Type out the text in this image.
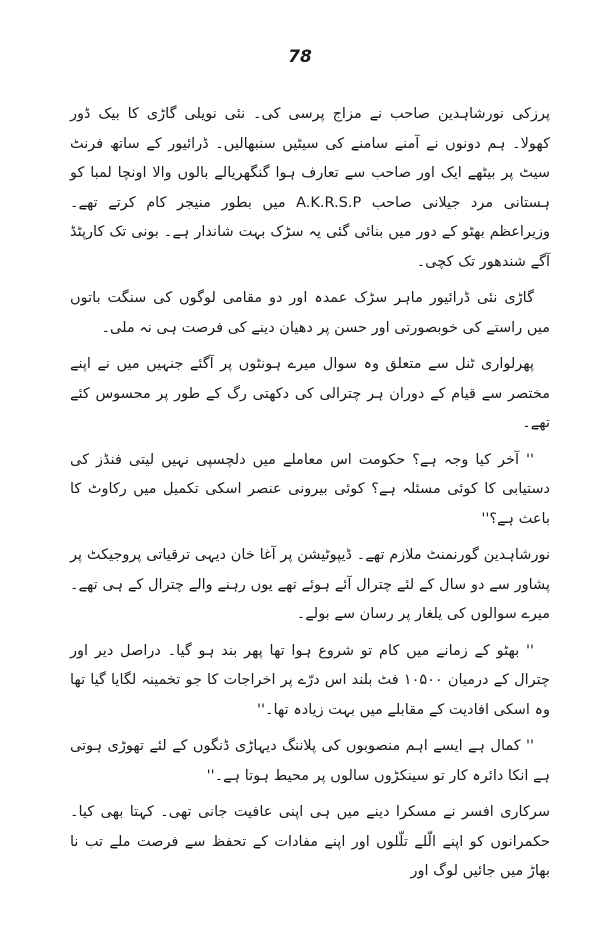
78

پرزکی نورشاہدین صاحب نے مزاج پرسی کی۔ نئی نویلی گاڑی کا بیک ڈور کھولا۔ ہم دونوں نے آمنے سامنے کی سیٹیں سنبھالیں۔ ڈرائیور کے ساتھ فرنٹ سیٹ پر بیٹھے ایک اور صاحب سے تعارف ہوا گنگھریالے بالوں والا اونچا لمبا کو ہستانی مرد جیلانی صاحب A.K.R.S.P میں بطور منیجر کام کرتے تھے۔ وزیراعظم بھٹو کے دور میں بنائی گئی یہ سڑک بہت شاندار ہے۔ بونی تک کارپٹڈ آگے شندھور تک کچی۔

گاڑی نئی ڈرائیور ماہر سڑک عمدہ اور دو مقامی لوگوں کی سنگت باتوں میں راستے کی خوبصورتی اور حسن پر دھیان دینے کی فرصت ہی نہ ملی۔

پھرلواری ٹنل سے متعلق وہ سوال میرے ہونٹوں پر آگئے جنہیں میں نے اپنے مختصر سے قیام کے دوران ہر چترالی کی دکھتی رگ کے طور پر محسوس کئے تھے۔

'' آخر کیا وجہ ہے؟ حکومت اس معاملے میں دلچسپی نہیں لیتی فنڈز کی دستیابی کا کوئی مسئلہ ہے؟ کوئی بیرونی عنصر اسکی تکمیل میں رکاوٹ کا باعث ہے؟''

نورشاہدین گورنمنٹ ملازم تھے۔ ڈیپوٹیشن پر آغا خان دیہی ترقیاتی پروجیکٹ پر پشاور سے دو سال کے لئے چترال آئے ہوئے تھے یوں رہنے والے چترال کے ہی تھے۔ میرے سوالوں کی یلغار پر رسان سے بولے۔

'' بھٹو کے زمانے میں کام تو شروع ہوا تھا پھر بند ہو گیا۔ دراصل دیر اور چترال کے درمیان ۱۰۵۰۰ فٹ بلند اس درّے پر اخراجات کا جو تخمینہ لگایا گیا تھا وہ اسکی افادیت کے مقابلے میں بہت زیادہ تھا۔''

'' کمال ہے ایسے اہم منصوبوں کی پلاننگ دیہاڑی ڈنگوں کے لئے تھوڑی ہوتی ہے انکا دائرہ کار تو سینکڑوں سالوں پر محیط ہوتا ہے۔''

سرکاری افسر نے مسکرا دینے میں ہی اپنی عافیت جانی تھی۔ کہتا بھی کیا۔ حکمرانوں کو اپنے الّلے تلّلوں اور اپنے مفادات کے تحفظ سے فرصت ملے تب نا بھاڑ میں جائیں لوگ اور
